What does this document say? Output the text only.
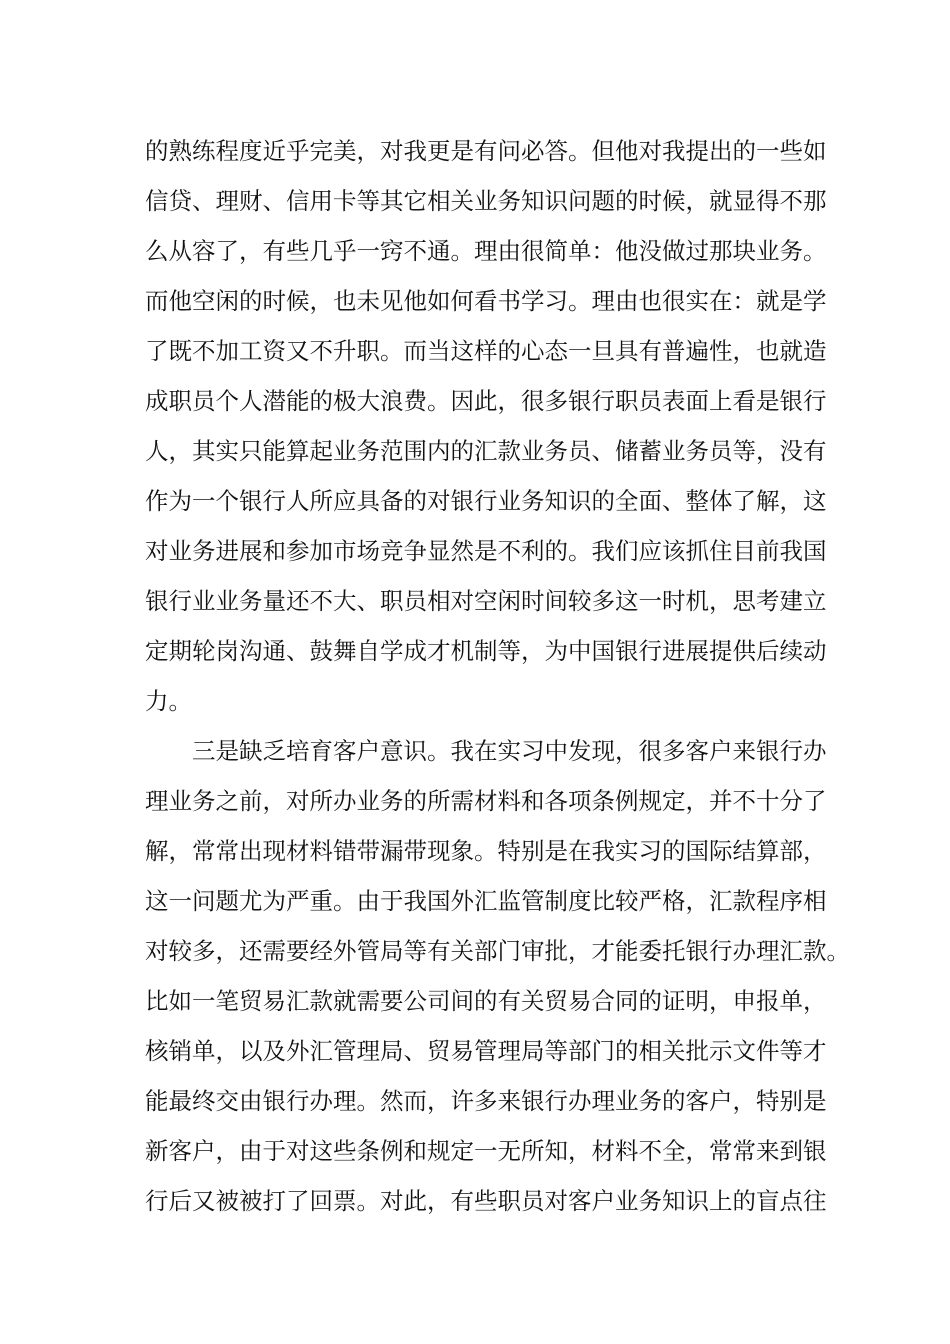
的熟练程度近乎完美，对我更是有问必答。但他对我提出的一些如
信贷、理财、信用卡等其它相关业务知识问题的时候，就显得不那
么从容了，有些几乎一窍不通。理由很简单：他没做过那块业务。
而他空闲的时候，也未见他如何看书学习。理由也很实在：就是学
了既不加工资又不升职。而当这样的心态一旦具有普遍性，也就造
成职员个人潜能的极大浪费。因此，很多银行职员表面上看是银行
人，其实只能算起业务范围内的汇款业务员、储蓄业务员等，没有
作为一个银行人所应具备的对银行业务知识的全面、整体了解，这
对业务进展和参加市场竞争显然是不利的。我们应该抓住目前我国
银行业业务量还不大、职员相对空闲时间较多这一时机，思考建立
定期轮岗沟通、鼓舞自学成才机制等，为中国银行进展提供后续动
力。
三是缺乏培育客户意识。我在实习中发现，很多客户来银行办
理业务之前，对所办业务的所需材料和各项条例规定，并不十分了
解，常常出现材料错带漏带现象。特别是在我实习的国际结算部，
这一问题尤为严重。由于我国外汇监管制度比较严格，汇款程序相
对较多，还需要经外管局等有关部门审批，才能委托银行办理汇款。
比如一笔贸易汇款就需要公司间的有关贸易合同的证明，申报单，
核销单，以及外汇管理局、贸易管理局等部门的相关批示文件等才
能最终交由银行办理。然而，许多来银行办理业务的客户，特别是
新客户，由于对这些条例和规定一无所知，材料不全，常常来到银
行后又被被打了回票。对此，有些职员对客户业务知识上的盲点往
